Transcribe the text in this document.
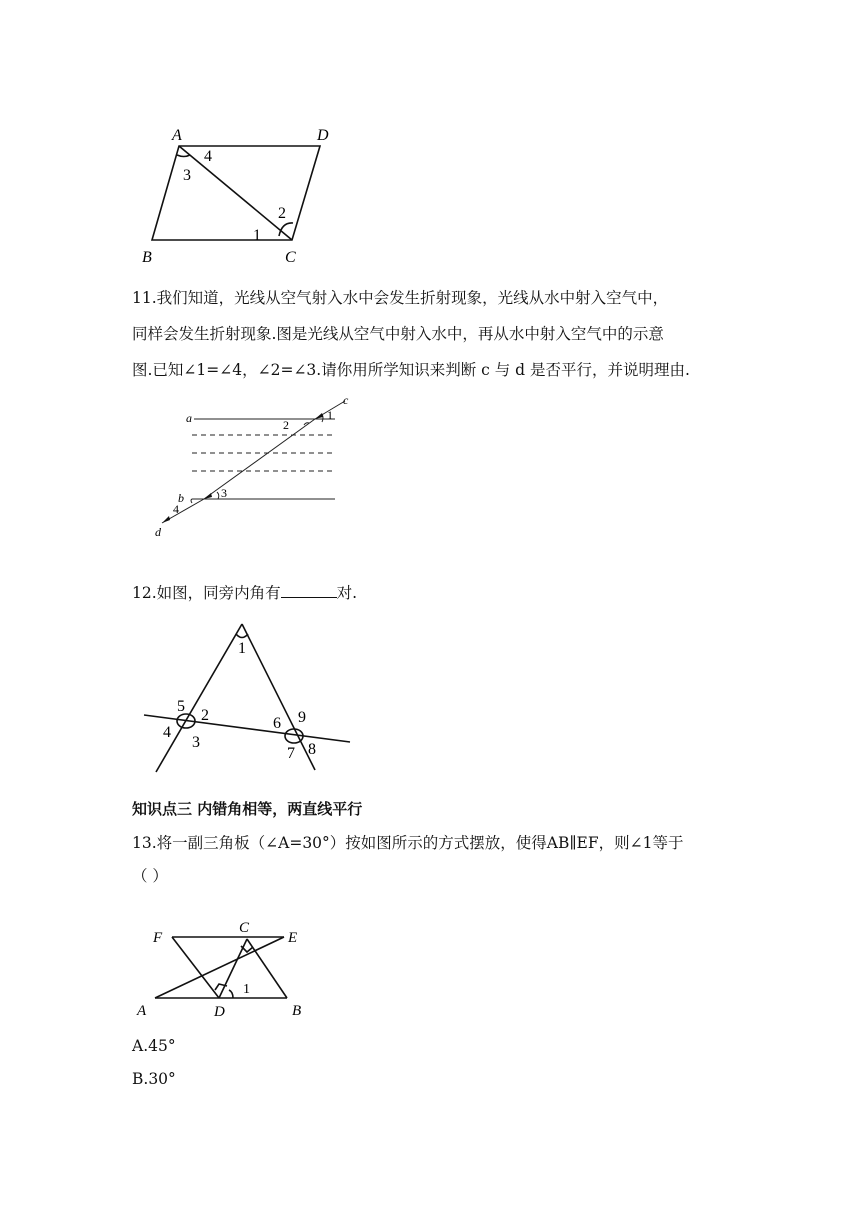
A	D
B	C
1
2
3
4
11.我们知道，光线从空气射入水中会发生折射现象，光线从水中射入空气中，
同样会发生折射现象.图是光线从空气中射入水中，再从水中射入空气中的示意
图.已知∠1=∠4，∠2=∠3.请你用所学知识来判断 c 与 d 是否平行，并说明理由.
a
b
c
d
1
2
3
4
12.如图，同旁内角有	对.
1
2
3
4
5
6
7 8
9
知识点三 内错角相等，两直线平行
13.将一副三角板（∠A=30°）按如图所示的方式摆放，使得AB∥EF，则∠1等于
（ ）
F
C
E
A	D	B
1
A.45°
B.30°
